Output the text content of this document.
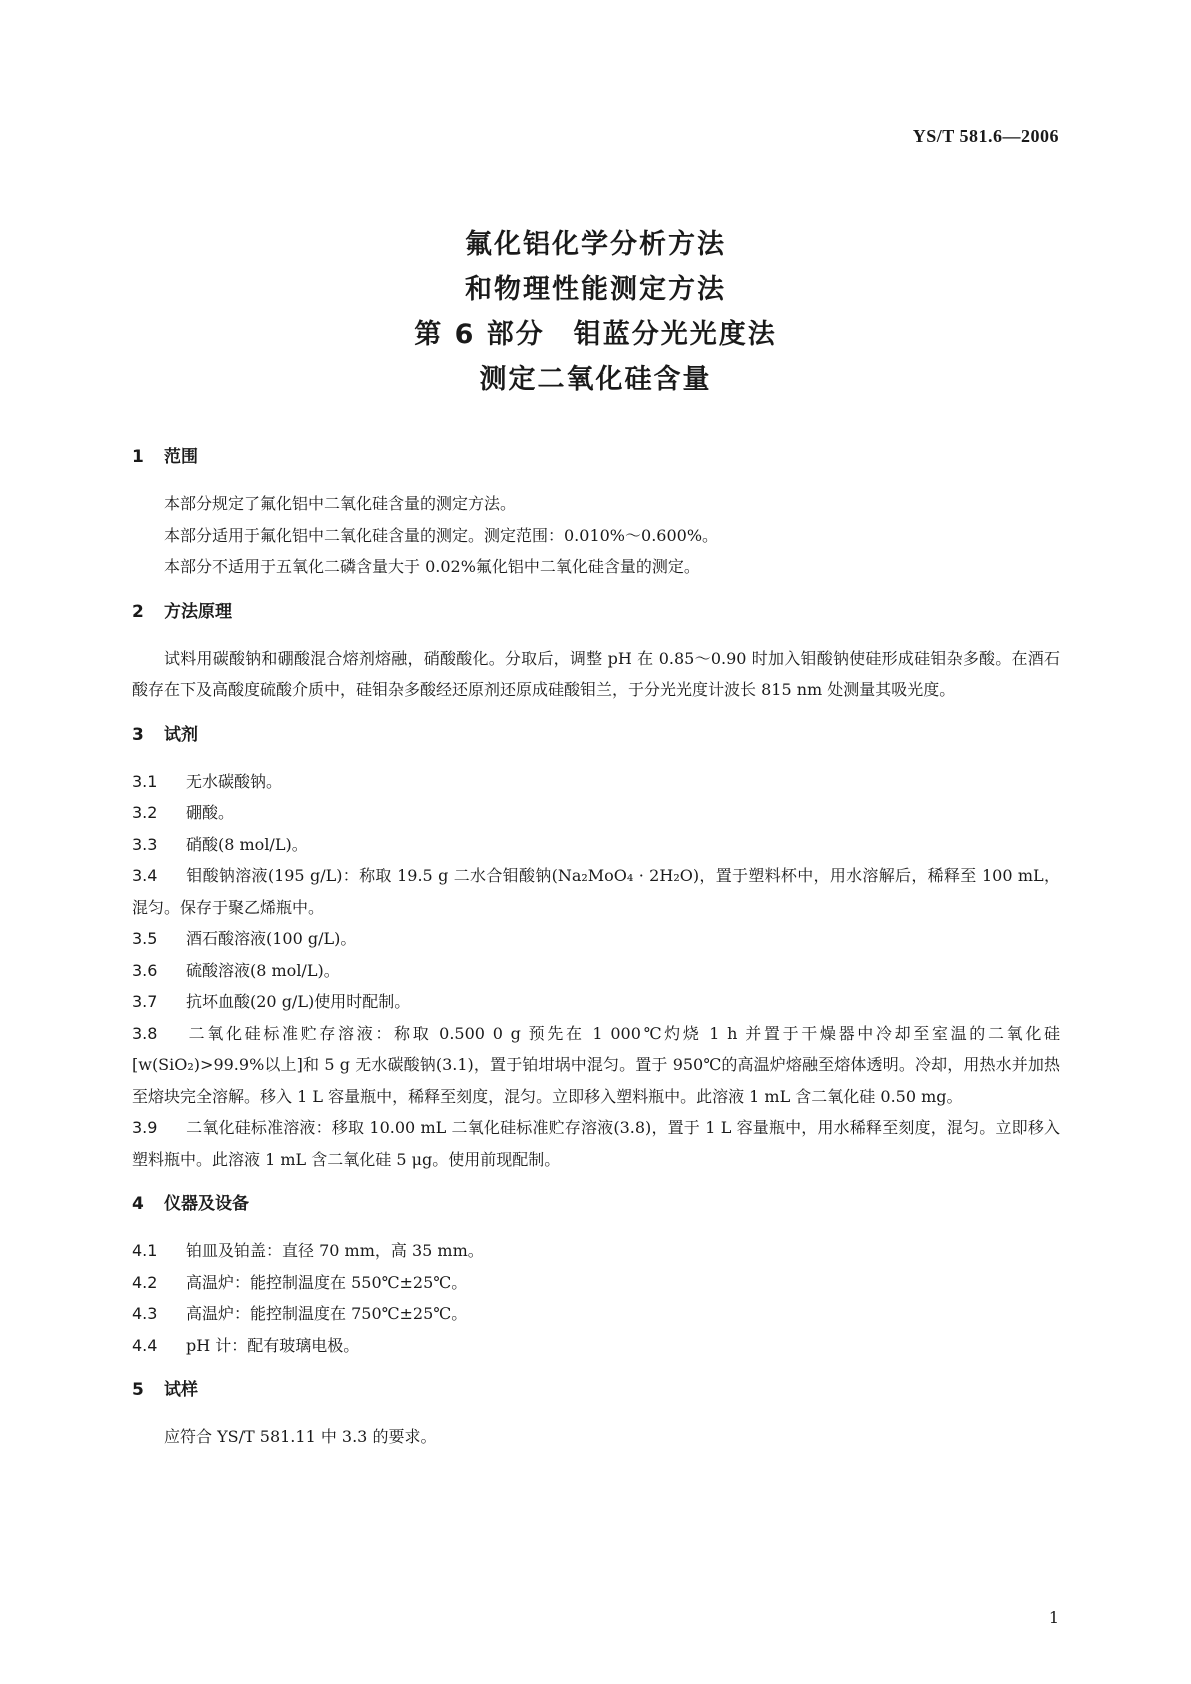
YS/T 581.6—2006
氟化铝化学分析方法
和物理性能测定方法
第 6 部分　钼蓝分光光度法
测定二氧化硅含量
1 范围
本部分规定了氟化铝中二氧化硅含量的测定方法。
本部分适用于氟化铝中二氧化硅含量的测定。测定范围：0.010%～0.600%。
本部分不适用于五氧化二磷含量大于 0.02%氟化铝中二氧化硅含量的测定。
2 方法原理
试料用碳酸钠和硼酸混合熔剂熔融，硝酸酸化。分取后，调整 pH 在 0.85～0.90 时加入钼酸钠使硅形成硅钼杂多酸。在酒石酸存在下及高酸度硫酸介质中，硅钼杂多酸经还原剂还原成硅酸钼兰，于分光光度计波长 815 nm 处测量其吸光度。
3 试剂
3.1 无水碳酸钠。
3.2 硼酸。
3.3 硝酸(8 mol/L)。
3.4 钼酸钠溶液(195 g/L)：称取 19.5 g 二水合钼酸钠(Na₂MoO₄ · 2H₂O)，置于塑料杯中，用水溶解后，稀释至 100 mL，混匀。保存于聚乙烯瓶中。
3.5 酒石酸溶液(100 g/L)。
3.6 硫酸溶液(8 mol/L)。
3.7 抗坏血酸(20 g/L)使用时配制。
3.8 二氧化硅标准贮存溶液：称取 0.500 0 g 预先在 1 000℃灼烧 1 h 并置于干燥器中冷却至室温的二氧化硅[w(SiO₂)>99.9%以上]和 5 g 无水碳酸钠(3.1)，置于铂坩埚中混匀。置于 950℃的高温炉熔融至熔体透明。冷却，用热水并加热至熔块完全溶解。移入 1 L 容量瓶中，稀释至刻度，混匀。立即移入塑料瓶中。此溶液 1 mL 含二氧化硅 0.50 mg。
3.9 二氧化硅标准溶液：移取 10.00 mL 二氧化硅标准贮存溶液(3.8)，置于 1 L 容量瓶中，用水稀释至刻度，混匀。立即移入塑料瓶中。此溶液 1 mL 含二氧化硅 5 μg。使用前现配制。
4 仪器及设备
4.1 铂皿及铂盖：直径 70 mm，高 35 mm。
4.2 高温炉：能控制温度在 550℃±25℃。
4.3 高温炉：能控制温度在 750℃±25℃。
4.4 pH 计：配有玻璃电极。
5 试样
应符合 YS/T 581.11 中 3.3 的要求。
1
